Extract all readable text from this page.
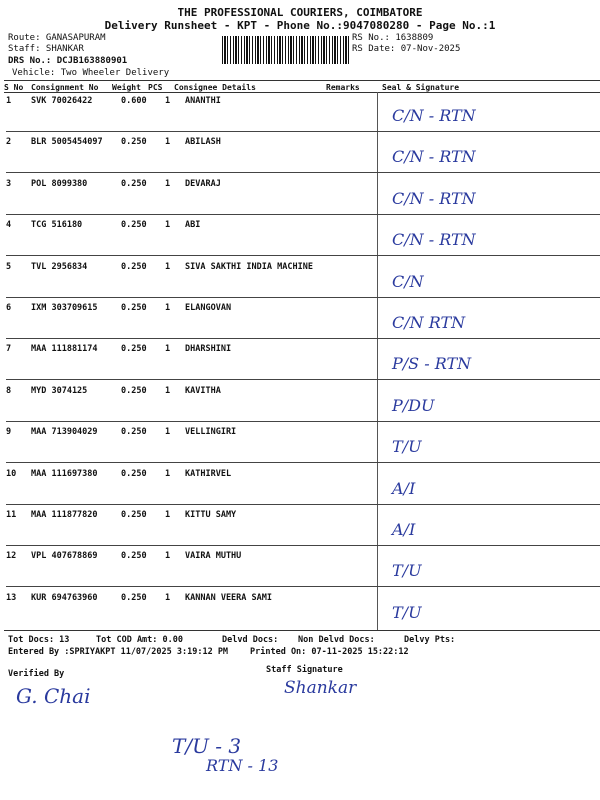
THE PROFESSIONAL COURIERS, COIMBATORE
Delivery Runsheet - KPT - Phone No.:9047080280 - Page No.:1
Route: GANASAPURAM
Staff: SHANKAR
DRS No.: DCJB163880901
Vehicle: Two Wheeler Delivery
RS No.: 1638809
RS Date: 07-Nov-2025
S No Consignment No Weight PCS Consignee Details	Remarks	Seal & Signature
1 SVK 70026422	0.600 1 ANANTHI
C/N - RTN
2 BLR 5005454097 0.250 1 ABILASH
C/N - RTN
3 POL 8099380	0.250 1 DEVARAJ
C/N - RTN
4 TCG 516180	0.250 1 ABI
C/N - RTN
5 TVL 2956834	0.250 1 SIVA SAKTHI INDIA MACHINE
C/N
6 IXM 303709615	0.250 1 ELANGOVAN
C/N RTN
7 MAA 111881174	0.250 1 DHARSHINI
P/S - RTN
8 MYD 3074125	0.250 1 KAVITHA
P/DU
9 MAA 713904029	0.250 1 VELLINGIRI
T/U
10 MAA 111697380	0.250 1 KATHIRVEL
A/I
11 MAA 111877820	0.250 1 KITTU SAMY
A/I
12 VPL 407678869	0.250 1 VAIRA MUTHU
T/U
13 KUR 694763960	0.250 1 KANNAN VEERA SAMI
T/U
Tot Docs: 13	Tot COD Amt: 0.00	Delvd Docs: Non Delvd Docs:	Delvy Pts:
Entered By :SPRIYAKPT 11/07/2025 3:19:12 PM	Printed On: 07-11-2025 15:22:12
Verified By	Staff Signature
G. Chai	Shankar
T/U - 3
RTN - 13
